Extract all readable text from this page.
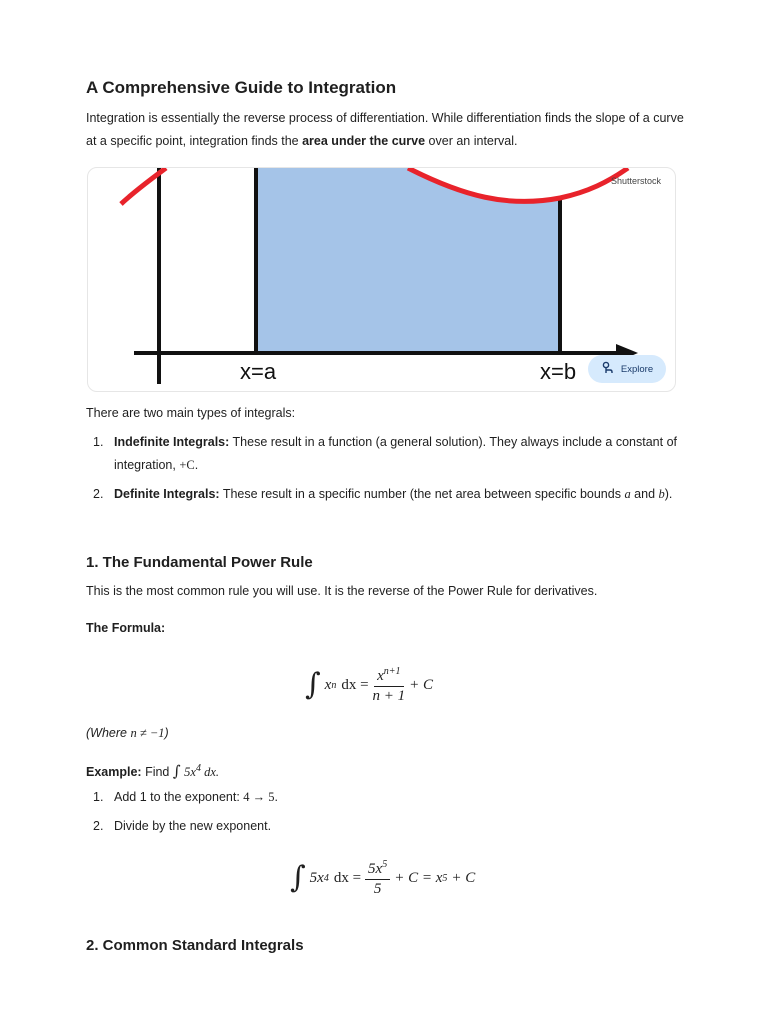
A Comprehensive Guide to Integration
Integration is essentially the reverse process of differentiation. While differentiation finds the slope of a curve at a specific point, integration finds the area under the curve over an interval.
Shutterstock
x=a	x=b	Explore
There are two main types of integrals:
1. Indefinite Integrals: These result in a function (a general solution). They always include a constant of integration, +C.
2. Definite Integrals: These result in a specific number (the net area between specific bounds a and b).
1. The Fundamental Power Rule
This is the most common rule you will use. It is the reverse of the Power Rule for derivatives.
The Formula:
∫ x n dx = $\frac{x^{n+1}}{n + 1} + C$
(Where n ≠ −1)
Example: Find ∫ $5x^4$ dx.
1. Add 1 to the exponent: 4 → 5.
2. Divide by the new exponent.
∫ 5x 4 dx = $\frac{5x^5}{5} + C = x$ 5 + C
2. Common Standard Integrals
